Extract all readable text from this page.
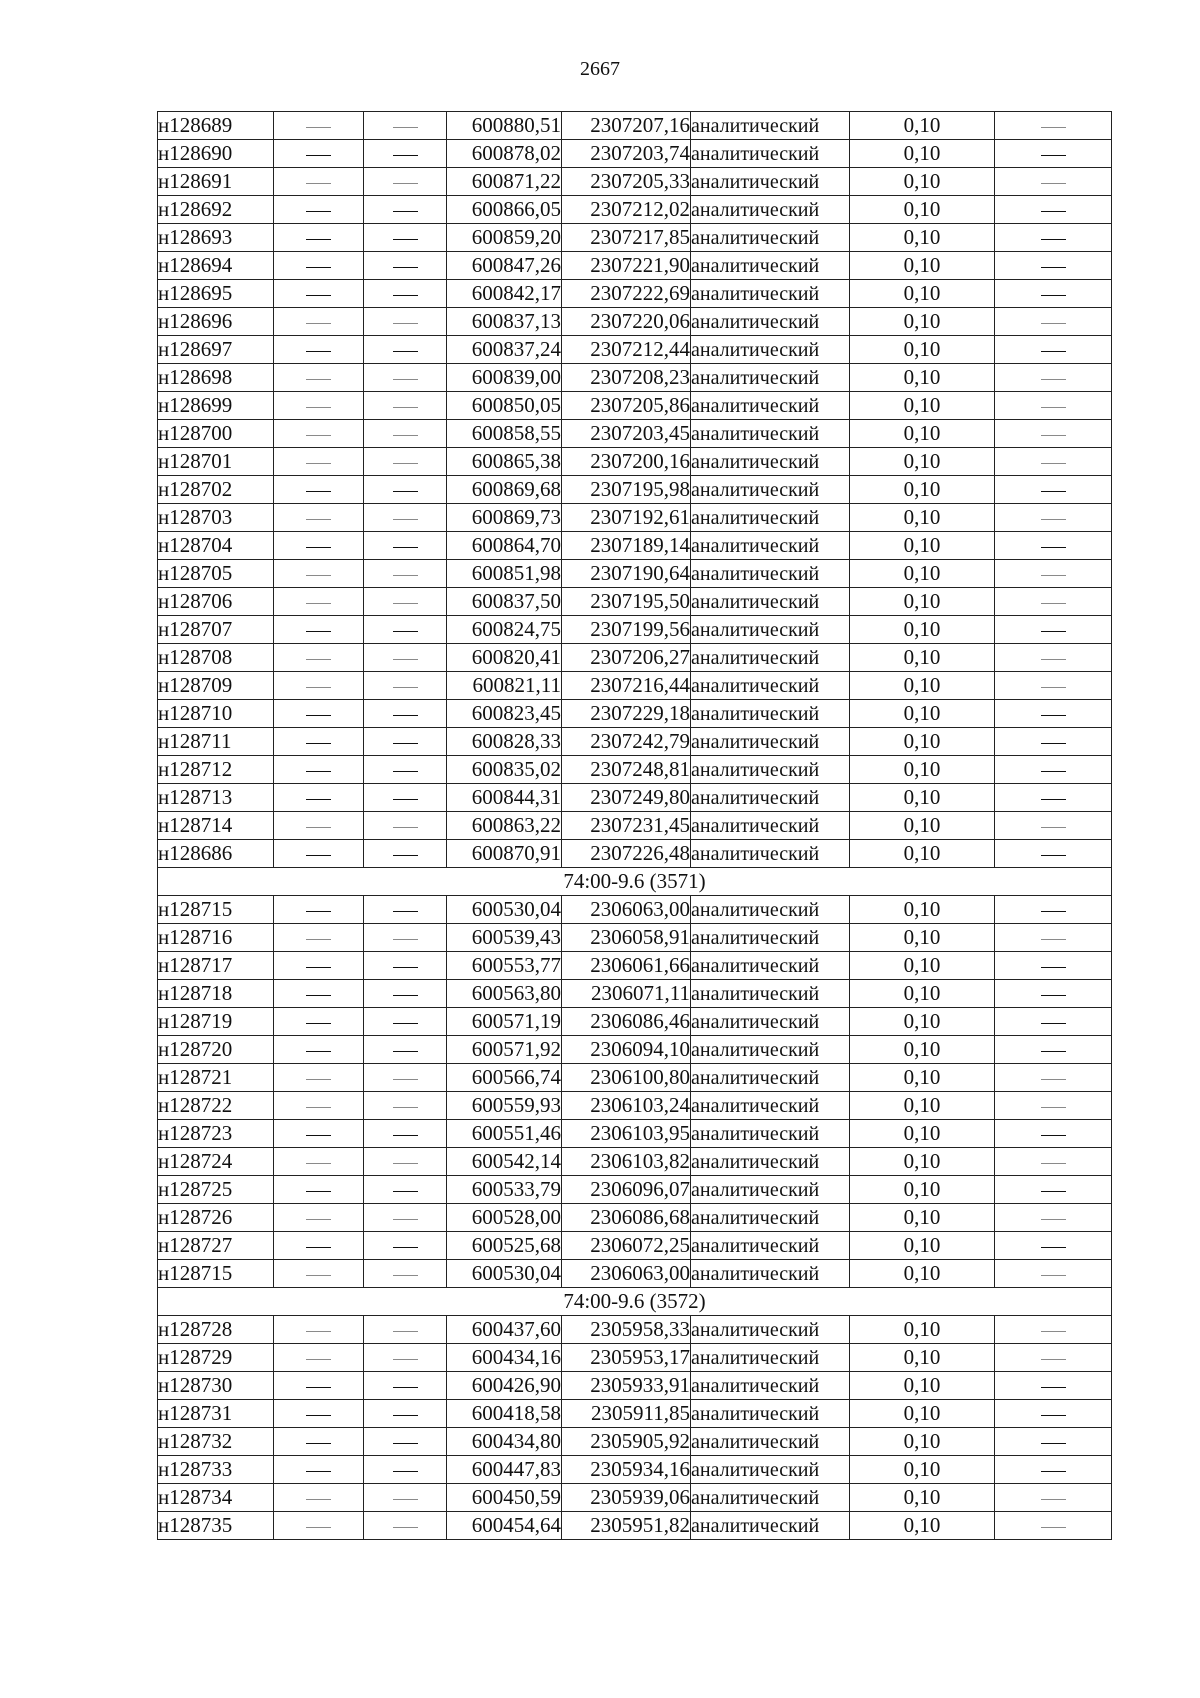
2667
н128689			600880,51	2307207,16	аналитический	0,10	
н128690			600878,02	2307203,74	аналитический	0,10	
н128691			600871,22	2307205,33	аналитический	0,10	
н128692			600866,05	2307212,02	аналитический	0,10	
н128693			600859,20	2307217,85	аналитический	0,10	
н128694			600847,26	2307221,90	аналитический	0,10	
н128695			600842,17	2307222,69	аналитический	0,10	
н128696			600837,13	2307220,06	аналитический	0,10	
н128697			600837,24	2307212,44	аналитический	0,10	
н128698			600839,00	2307208,23	аналитический	0,10	
н128699			600850,05	2307205,86	аналитический	0,10	
н128700			600858,55	2307203,45	аналитический	0,10	
н128701			600865,38	2307200,16	аналитический	0,10	
н128702			600869,68	2307195,98	аналитический	0,10	
н128703			600869,73	2307192,61	аналитический	0,10	
н128704			600864,70	2307189,14	аналитический	0,10	
н128705			600851,98	2307190,64	аналитический	0,10	
н128706			600837,50	2307195,50	аналитический	0,10	
н128707			600824,75	2307199,56	аналитический	0,10	
н128708			600820,41	2307206,27	аналитический	0,10	
н128709			600821,11	2307216,44	аналитический	0,10	
н128710			600823,45	2307229,18	аналитический	0,10	
н128711			600828,33	2307242,79	аналитический	0,10	
н128712			600835,02	2307248,81	аналитический	0,10	
н128713			600844,31	2307249,80	аналитический	0,10	
н128714			600863,22	2307231,45	аналитический	0,10	
н128686			600870,91	2307226,48	аналитический	0,10	
74:00-9.6 (3571)							
н128715			600530,04	2306063,00	аналитический	0,10	
н128716			600539,43	2306058,91	аналитический	0,10	
н128717			600553,77	2306061,66	аналитический	0,10	
н128718			600563,80	2306071,11	аналитический	0,10	
н128719			600571,19	2306086,46	аналитический	0,10	
н128720			600571,92	2306094,10	аналитический	0,10	
н128721			600566,74	2306100,80	аналитический	0,10	
н128722			600559,93	2306103,24	аналитический	0,10	
н128723			600551,46	2306103,95	аналитический	0,10	
н128724			600542,14	2306103,82	аналитический	0,10	
н128725			600533,79	2306096,07	аналитический	0,10	
н128726			600528,00	2306086,68	аналитический	0,10	
н128727			600525,68	2306072,25	аналитический	0,10	
н128715			600530,04	2306063,00	аналитический	0,10	
74:00-9.6 (3572)							
н128728			600437,60	2305958,33	аналитический	0,10	
н128729			600434,16	2305953,17	аналитический	0,10	
н128730			600426,90	2305933,91	аналитический	0,10	
н128731			600418,58	2305911,85	аналитический	0,10	
н128732			600434,80	2305905,92	аналитический	0,10	
н128733			600447,83	2305934,16	аналитический	0,10	
н128734			600450,59	2305939,06	аналитический	0,10	
н128735			600454,64	2305951,82	аналитический	0,10	
